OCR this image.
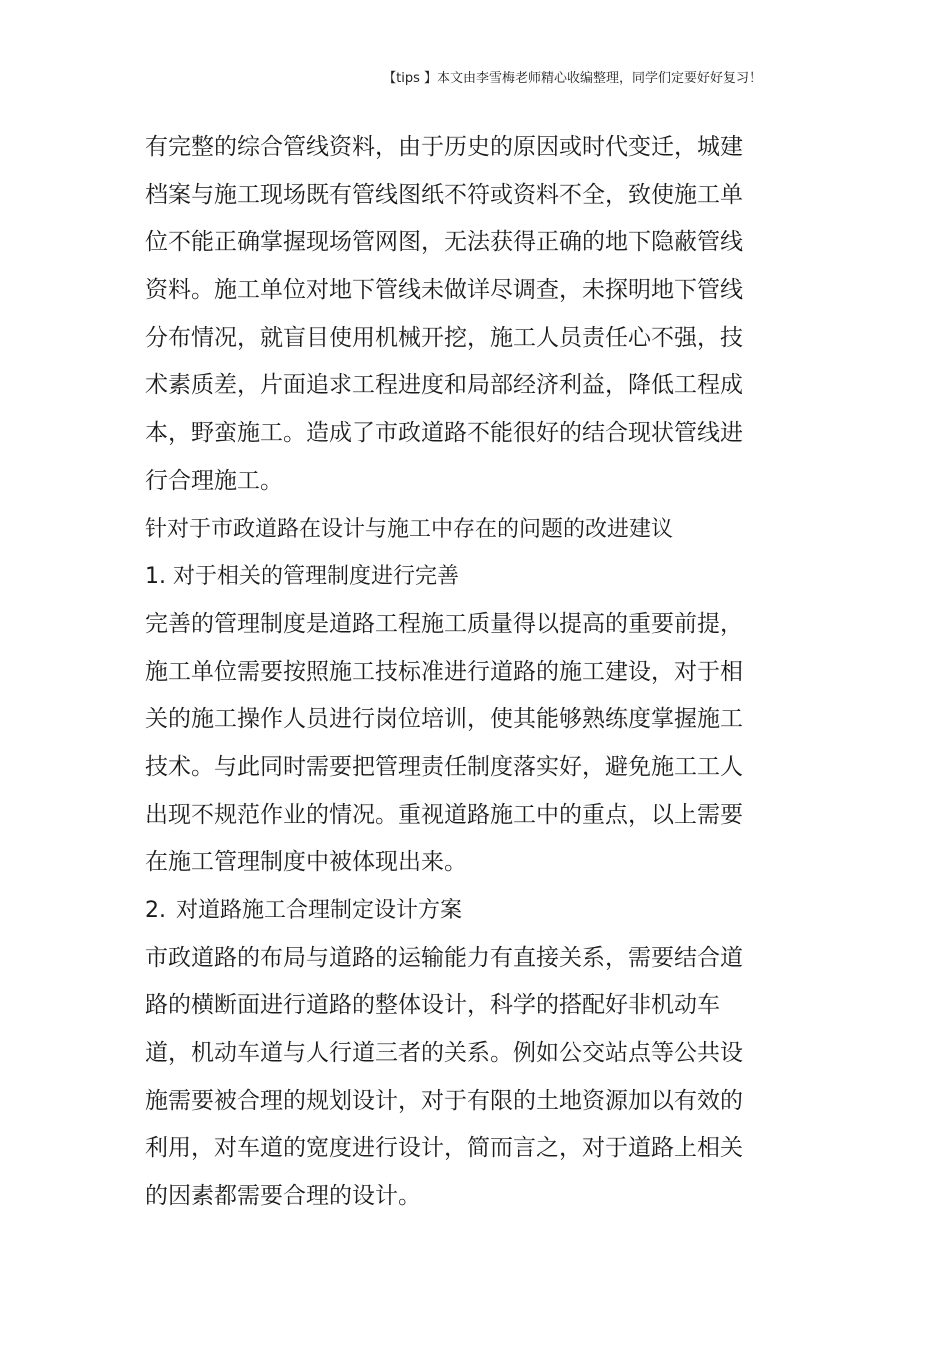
【tips 】本文由李雪梅老师精心收编整理，同学们定要好好复习！
有完整的综合管线资料，由于历史的原因或时代变迁，城建
档案与施工现场既有管线图纸不符或资料不全，致使施工单
位不能正确掌握现场管网图，无法获得正确的地下隐蔽管线
资料。施工单位对地下管线未做详尽调查，未探明地下管线
分布情况，就盲目使用机械开挖，施工人员责任心不强，技
术素质差，片面追求工程进度和局部经济利益，降低工程成
本，野蛮施工。造成了市政道路不能很好的结合现状管线进
行合理施工。
针对于市政道路在设计与施工中存在的问题的改进建议
1. 对于相关的管理制度进行完善
完善的管理制度是道路工程施工质量得以提高的重要前提，
施工单位需要按照施工技标准进行道路的施工建设，对于相
关的施工操作人员进行岗位培训，使其能够熟练度掌握施工
技术。与此同时需要把管理责任制度落实好，避免施工工人
出现不规范作业的情况。重视道路施工中的重点，以上需要
在施工管理制度中被体现出来。
2. 对道路施工合理制定设计方案
市政道路的布局与道路的运输能力有直接关系，需要结合道
路的横断面进行道路的整体设计，科学的搭配好非机动车
道，机动车道与人行道三者的关系。例如公交站点等公共设
施需要被合理的规划设计，对于有限的土地资源加以有效的
利用，对车道的宽度进行设计，简而言之，对于道路上相关
的因素都需要合理的设计。
